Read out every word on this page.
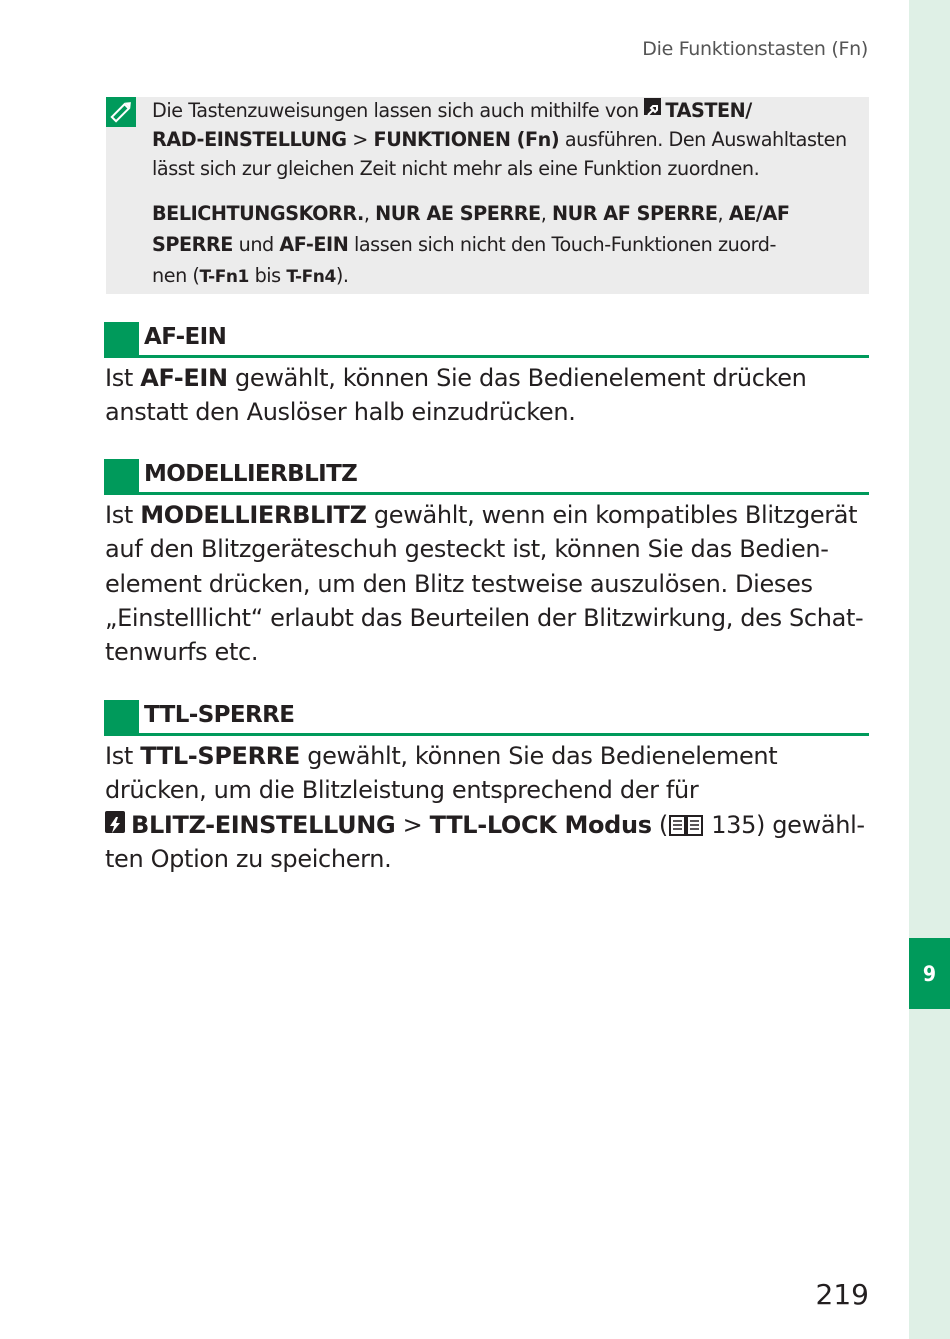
9
Die Funktionstasten (Fn)

Die Tastenzuweisungen lassen sich auch mithilfe von TASTEN/
RAD-EINSTELLUNG > FUNKTIONEN (Fn) ausführen. Den Auswahltasten
lässt sich zur gleichen Zeit nicht mehr als eine Funktion zuordnen.

BELICHTUNGSKORR., NUR AE SPERRE, NUR AF SPERRE, AE/AF
SPERRE und AF-EIN lassen sich nicht den Touch-Funktionen zuord-
nen (T-Fn1 bis T-Fn4).

AF-EIN

Ist AF-EIN gewählt, können Sie das Bedienelement drücken
anstatt den Auslöser halb einzudrücken.

MODELLIERBLITZ

Ist MODELLIERBLITZ gewählt, wenn ein kompatibles Blitzgerät
auf den Blitzgeräteschuh gesteckt ist, können Sie das Bedien-
element drücken, um den Blitz testweise auszulösen. Dieses
„Einstelllicht“ erlaubt das Beurteilen der Blitzwirkung, des Schat-
tenwurfs etc.

TTL-SPERRE

Ist TTL-SPERRE gewählt, können Sie das Bedienelement
drücken, um die Blitzleistung entsprechend der für
BLITZ-EINSTELLUNG > TTL-LOCK Modus ( 135) gewähl-
ten Option zu speichern.

219
